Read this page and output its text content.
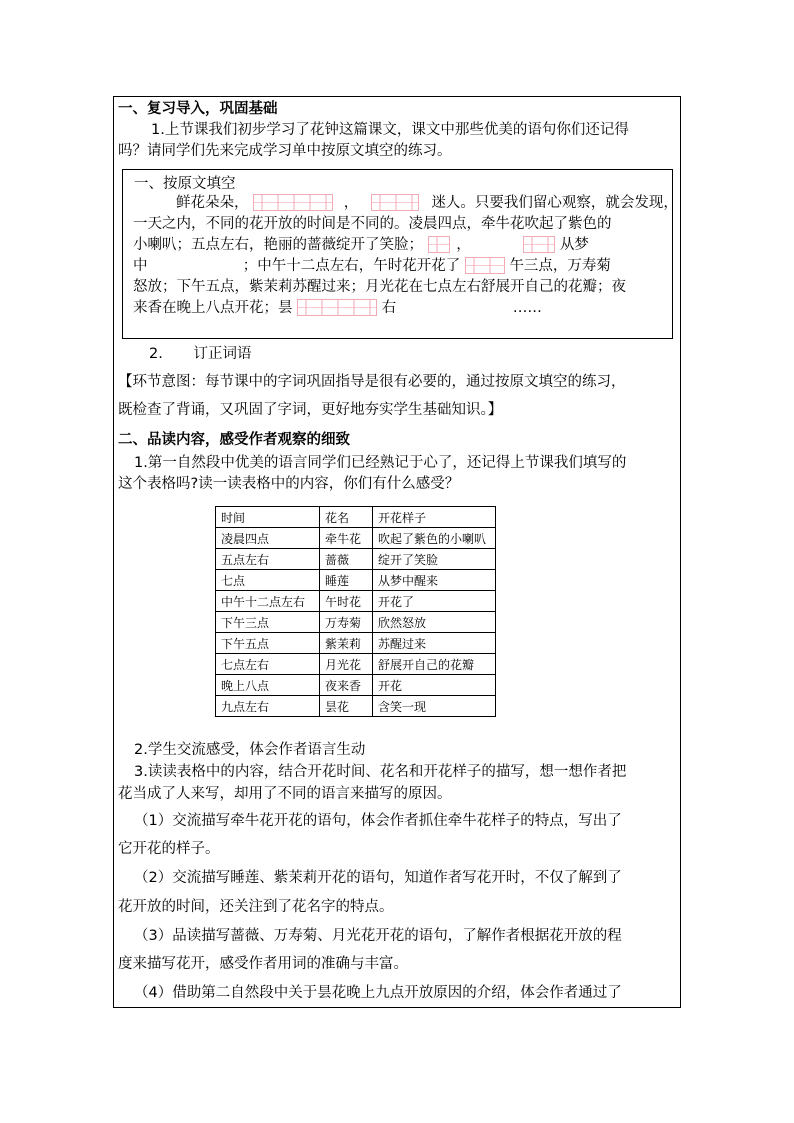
一、复习导入，巩固基础
1.上节课我们初步学习了花钟这篇课文，课文中那些优美的语句你们还记得
吗？请同学们先来完成学习单中按原文填空的练习。
一、按原文填空
鲜花朵朵，	，	迷人。只要我们留心观察，就会发现，
一天之内，不同的花开放的时间是不同的。凌晨四点，牵牛花吹起了紫色的
小喇叭；五点左右，艳丽的蔷薇绽开了笑脸； ，	从梦
中	；中午十二点左右，午时花开花了	午三点，万寿菊
怒放；下午五点，紫茉莉苏醒过来；月光花在七点左右舒展开自己的花瓣；夜
来香在晚上八点开花；昙	右	……
2. 订正词语
【环节意图：每节课中的字词巩固指导是很有必要的，通过按原文填空的练习，
既检查了背诵，又巩固了字词，更好地夯实学生基础知识。】
二、品读内容，感受作者观察的细致
1.第一自然段中优美的语言同学们已经熟记于心了，还记得上节课我们填写的
这个表格吗?读一读表格中的内容，你们有什么感受？
时间	花名	开花样子
凌晨四点	牵牛花	吹起了紫色的小喇叭
五点左右	蔷薇	绽开了笑脸
七点	睡莲	从梦中醒来
中午十二点左右	午时花	开花了
下午三点	万寿菊	欣然怒放
下午五点	紫茉莉	苏醒过来
七点左右	月光花	舒展开自己的花瓣
晚上八点	夜来香	开花
九点左右	昙花	含笑一现
2.学生交流感受，体会作者语言生动
3.读读表格中的内容，结合开花时间、花名和开花样子的描写，想一想作者把
花当成了人来写，却用了不同的语言来描写的原因。
（1）交流描写牵牛花开花的语句，体会作者抓住牵牛花样子的特点，写出了
它开花的样子。
（2）交流描写睡莲、紫茉莉开花的语句，知道作者写花开时，不仅了解到了
花开放的时间，还关注到了花名字的特点。
（3）品读描写蔷薇、万寿菊、月光花开花的语句，了解作者根据花开放的程
度来描写花开，感受作者用词的准确与丰富。
（4）借助第二自然段中关于昙花晚上九点开放原因的介绍，体会作者通过了
